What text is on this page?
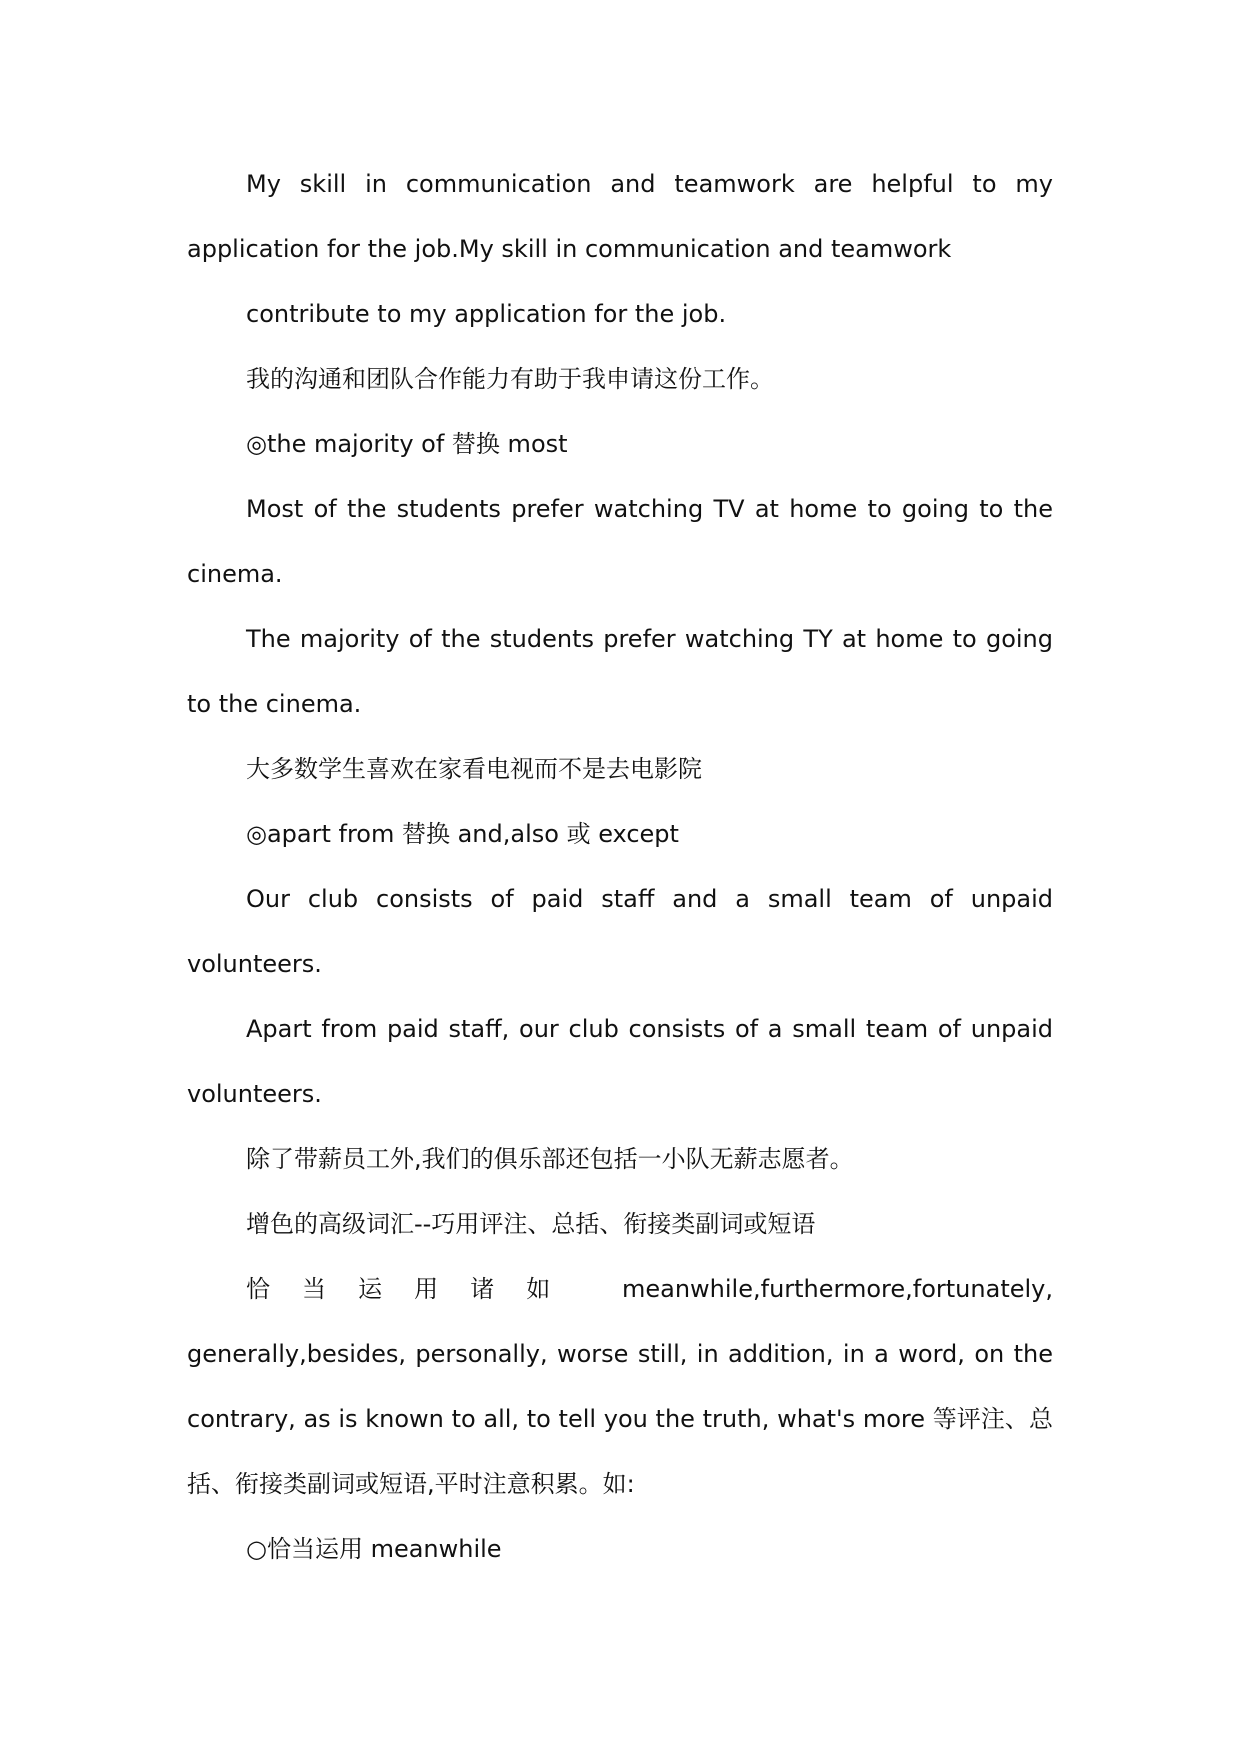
My skill in communication and teamwork are helpful to my application for the job.My skill in communication and teamwork

contribute to my application for the job.

我的沟通和团队合作能力有助于我申请这份工作。

◎the majority of 替换 most

Most of the students prefer watching TV at home to going to the cinema.

The majority of the students prefer watching TY at home to going to the cinema.

大多数学生喜欢在家看电视而不是去电影院

◎apart from 替换 and,also 或 except

Our club consists of paid staff and a small team of unpaid volunteers.

Apart from paid staff, our club consists of a small team of unpaid volunteers.

除了带薪员工外,我们的俱乐部还包括一小队无薪志愿者。

增色的高级词汇--巧用评注、总括、衔接类副词或短语

恰当运用诸如 meanwhile,furthermore,fortunately, generally,besides, personally, worse still, in addition, in a word, on the contrary, as is known to all, to tell you the truth, what's more 等评注、总括、衔接类副词或短语,平时注意积累。如:

○恰当运用 meanwhile
